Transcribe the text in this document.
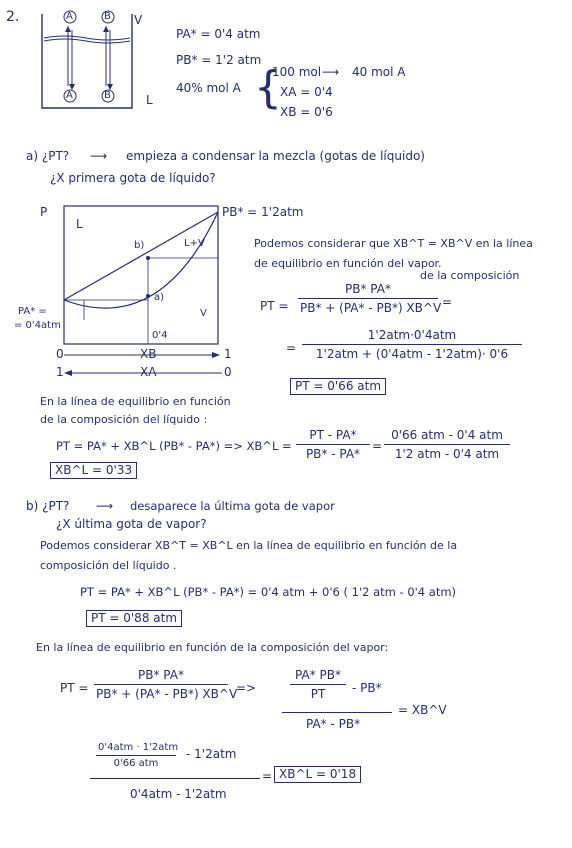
2.	A	B
A	B
V
L
PA* = 0'4 atm
PB* = 1'2 atm
40% mol A {
100 mol ⟶ 40 mol A
XA = 0'4
XB = 0'6
a) ¿PT? ⟶ empieza a condensar la mezcla (gotas de líquido)
¿X primera gota de líquido?
P
L
L+V
V
b)
a)
PB* = 1'2atm
PA* =
= 0'4atm
0'4
0	XB	1
1	XA	0
Podemos considerar que XB^T = XB^V en la línea
de equilibrio en función del vapor.
de la composición
PT =
PB* PA*
PB* + (PA* - PB*) XB^V =
=
1'2atm·0'4atm
1'2atm + (0'4atm - 1'2atm)· 0'6
PT = 0'66 atm
En la línea de equilibrio en función
de la composición del líquido :
PT = PA* + XB^L (PB* - PA*) => XB^L =
PT - PA*
PB* - PA*
=
0'66 atm - 0'4 atm
1'2 atm - 0'4 atm
XB^L = 0'33
b) ¿PT? ⟶ desaparece la última gota de vapor
¿X última gota de vapor?
Podemos considerar XB^T = XB^L en la línea de equilibrio en función de la
composición del líquido .
PT = PA* + XB^L (PB* - PA*) = 0'4 atm + 0'6 ( 1'2 atm - 0'4 atm)
PT = 0'88 atm
En la línea de equilibrio en función de la composición del vapor:
PT =
PB* PA*
PB* + (PA* - PB*) XB^V
=>
PA* PB*
PT	- PB*
PA* - PB*
= XB^V
0'4atm · 1'2atm
0'66 atm
- 1'2atm
0'4atm - 1'2atm
= XB^L = 0'18
